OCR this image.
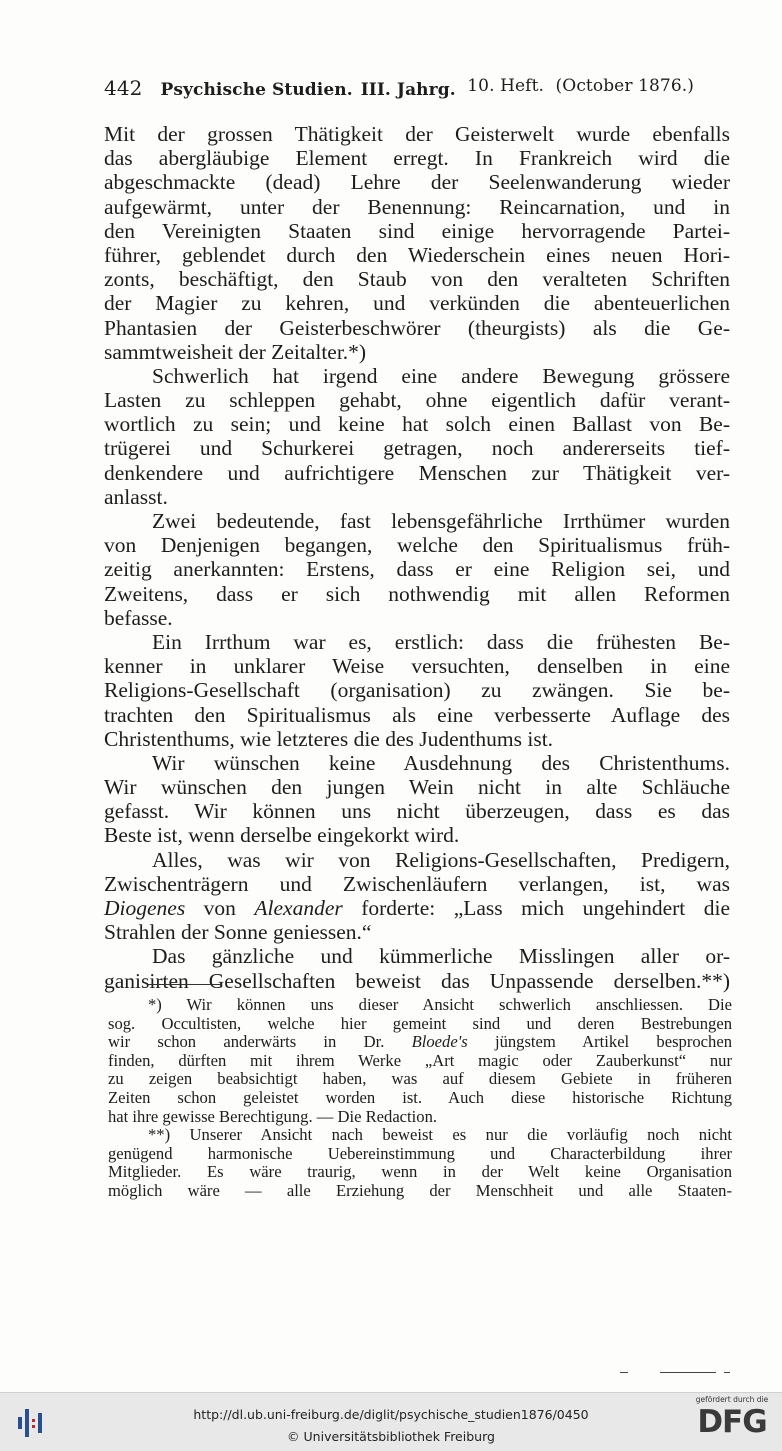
442 Psychische Studien. III. Jahrg. 10. Heft. (October 1876.)
Mit der grossen Thätigkeit der Geisterwelt wurde ebenfalls
das abergläubige Element erregt. In Frankreich wird die
abgeschmackte (dead) Lehre der Seelenwanderung wieder
aufgewärmt, unter der Benennung: Reincarnation, und in
den Vereinigten Staaten sind einige hervorragende Partei-
führer, geblendet durch den Wiederschein eines neuen Hori-
zonts, beschäftigt, den Staub von den veralteten Schriften
der Magier zu kehren, und verkünden die abenteuerlichen
Phantasien der Geisterbeschwörer (theurgists) als die Ge-
sammtweisheit der Zeitalter.*)
Schwerlich hat irgend eine andere Bewegung grössere
Lasten zu schleppen gehabt, ohne eigentlich dafür verant-
wortlich zu sein; und keine hat solch einen Ballast von Be-
trügerei und Schurkerei getragen, noch andererseits tief-
denkendere und aufrichtigere Menschen zur Thätigkeit ver-
anlasst.
Zwei bedeutende, fast lebensgefährliche Irrthümer wurden
von Denjenigen begangen, welche den Spiritualismus früh-
zeitig anerkannten: Erstens, dass er eine Religion sei, und
Zweitens, dass er sich nothwendig mit allen Reformen
befasse.
Ein Irrthum war es, erstlich: dass die frühesten Be-
kenner in unklarer Weise versuchten, denselben in eine
Religions-Gesellschaft (organisation) zu zwängen. Sie be-
trachten den Spiritualismus als eine verbesserte Auflage des
Christenthums, wie letzteres die des Judenthums ist.
Wir wünschen keine Ausdehnung des Christenthums.
Wir wünschen den jungen Wein nicht in alte Schläuche
gefasst. Wir können uns nicht überzeugen, dass es das
Beste ist, wenn derselbe eingekorkt wird.
Alles, was wir von Religions-Gesellschaften, Predigern,
Zwischenträgern und Zwischenläufern verlangen, ist, was
Diogenes von Alexander forderte: „Lass mich ungehindert die
Strahlen der Sonne geniessen.“
Das gänzliche und kümmerliche Misslingen aller or-
ganisirten Gesellschaften beweist das Unpassende derselben.**)
*) Wir können uns dieser Ansicht schwerlich anschliessen. Die
sog. Occultisten, welche hier gemeint sind und deren Bestrebungen
wir schon anderwärts in Dr. Bloede's jüngstem Artikel besprochen
finden, dürften mit ihrem Werke „Art magic oder Zauberkunst“ nur
zu zeigen beabsichtigt haben, was auf diesem Gebiete in früheren
Zeiten schon geleistet worden ist. Auch diese historische Richtung
hat ihre gewisse Berechtigung. — Die Redaction.
**) Unserer Ansicht nach beweist es nur die vorläufig noch nicht
genügend harmonische Uebereinstimmung und Characterbildung ihrer
Mitglieder. Es wäre traurig, wenn in der Welt keine Organisation
möglich wäre — alle Erziehung der Menschheit und alle Staaten-
http://dl.ub.uni-freiburg.de/diglit/psychische_studien1876/0450
© Universitätsbibliothek Freiburg
gefördert durch die
DFG
